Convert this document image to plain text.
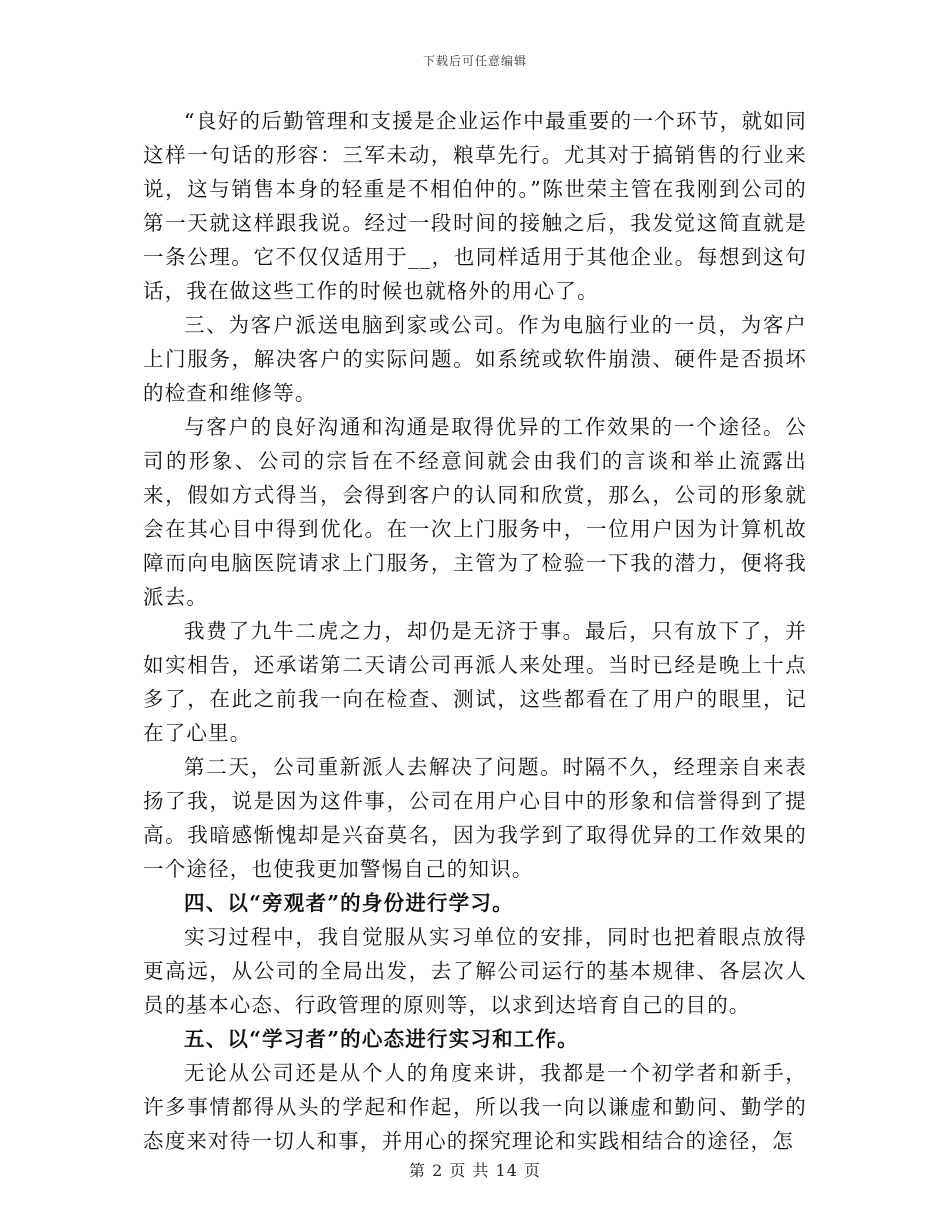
下载后可任意编辑

“良好的后勤管理和支援是企业运作中最重要的一个环节，就如同这样一句话的形容：三军未动，粮草先行。尤其对于搞销售的行业来说，这与销售本身的轻重是不相伯仲的。”陈世荣主管在我刚到公司的第一天就这样跟我说。经过一段时间的接触之后，我发觉这简直就是一条公理。它不仅仅适用于__，也同样适用于其他企业。每想到这句话，我在做这些工作的时候也就格外的用心了。

三、为客户派送电脑到家或公司。作为电脑行业的一员，为客户上门服务，解决客户的实际问题。如系统或软件崩溃、硬件是否损坏的检查和维修等。

与客户的良好沟通和沟通是取得优异的工作效果的一个途径。公司的形象、公司的宗旨在不经意间就会由我们的言谈和举止流露出来，假如方式得当，会得到客户的认同和欣赏，那么，公司的形象就会在其心目中得到优化。在一次上门服务中，一位用户因为计算机故障而向电脑医院请求上门服务，主管为了检验一下我的潜力，便将我派去。

我费了九牛二虎之力，却仍是无济于事。最后，只有放下了，并如实相告，还承诺第二天请公司再派人来处理。当时已经是晚上十点多了，在此之前我一向在检查、测试，这些都看在了用户的眼里，记在了心里。

第二天，公司重新派人去解决了问题。时隔不久，经理亲自来表扬了我，说是因为这件事，公司在用户心目中的形象和信誉得到了提高。我暗感惭愧却是兴奋莫名，因为我学到了取得优异的工作效果的一个途径，也使我更加警惕自己的知识。

四、以“旁观者”的身份进行学习。

实习过程中，我自觉服从实习单位的安排，同时也把着眼点放得更高远，从公司的全局出发，去了解公司运行的基本规律、各层次人员的基本心态、行政管理的原则等，以求到达培育自己的目的。

五、以“学习者”的心态进行实习和工作。

无论从公司还是从个人的角度来讲，我都是一个初学者和新手，许多事情都得从头的学起和作起，所以我一向以谦虚和勤问、勤学的态度来对待一切人和事，并用心的探究理论和实践相结合的途径，怎

第 2 页 共 14 页
